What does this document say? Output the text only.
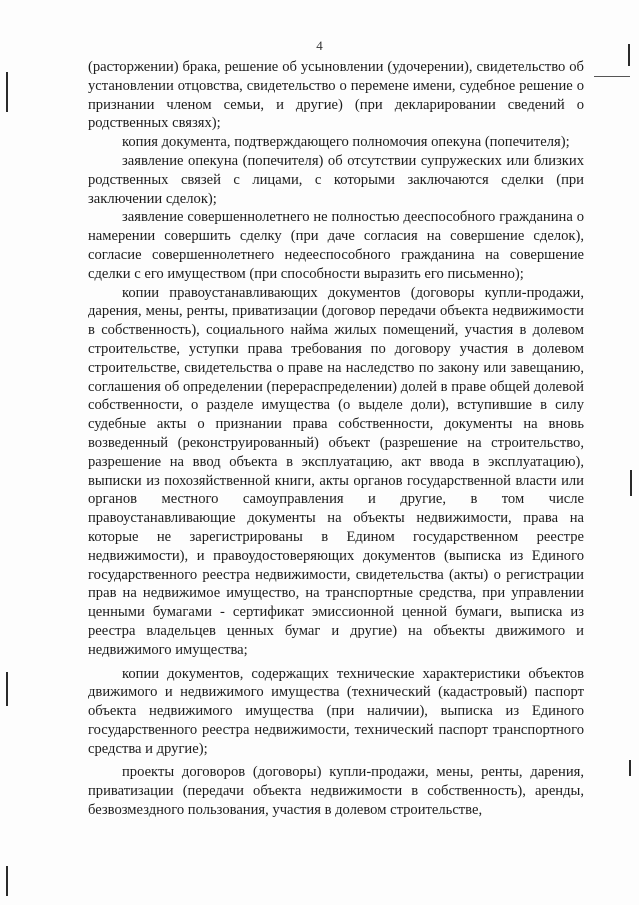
4

(расторжении) брака, решение об усыновлении (удочерении), свидетельство об установлении отцовства, свидетельство о перемене имени, судебное решение о признании членом семьи, и другие) (при декларировании сведений о родственных связях);

копия документа, подтверждающего полномочия опекуна (попечителя);

заявление опекуна (попечителя) об отсутствии супружеских или близких родственных связей с лицами, с которыми заключаются сделки (при заключении сделок);

заявление совершеннолетнего не полностью дееспособного гражданина о намерении совершить сделку (при даче согласия на совершение сделок), согласие совершеннолетнего недееспособного гражданина на совершение сделки с его имуществом (при способности выразить его письменно);

копии правоустанавливающих документов (договоры купли-продажи, дарения, мены, ренты, приватизации (договор передачи объекта недвижимости в собственность), социального найма жилых помещений, участия в долевом строительстве, уступки права требования по договору участия в долевом строительстве, свидетельства о праве на наследство по закону или завещанию, соглашения об определении (перераспределении) долей в праве общей долевой собственности, о разделе имущества (о выделе доли), вступившие в силу судебные акты о признании права собственности, документы на вновь возведенный (реконструированный) объект (разрешение на строительство, разрешение на ввод объекта в эксплуатацию, акт ввода в эксплуатацию), выписки из похозяйственной книги, акты органов государственной власти или органов местного самоуправления и другие, в том числе правоустанавливающие документы на объекты недвижимости, права на которые не зарегистрированы в Едином государственном реестре недвижимости), и правоудостоверяющих документов (выписка из Единого государственного реестра недвижимости, свидетельства (акты) о регистрации прав на недвижимое имущество, на транспортные средства, при управлении ценными бумагами - сертификат эмиссионной ценной бумаги, выписка из реестра владельцев ценных бумаг и другие) на объекты движимого и недвижимого имущества;

копии документов, содержащих технические характеристики объектов движимого и недвижимого имущества (технический (кадастровый) паспорт объекта недвижимого имущества (при наличии), выписка из Единого государственного реестра недвижимости, технический паспорт транспортного средства и другие);

проекты договоров (договоры) купли-продажи, мены, ренты, дарения, приватизации (передачи объекта недвижимости в собственность), аренды, безвозмездного пользования, участия в долевом строительстве,
